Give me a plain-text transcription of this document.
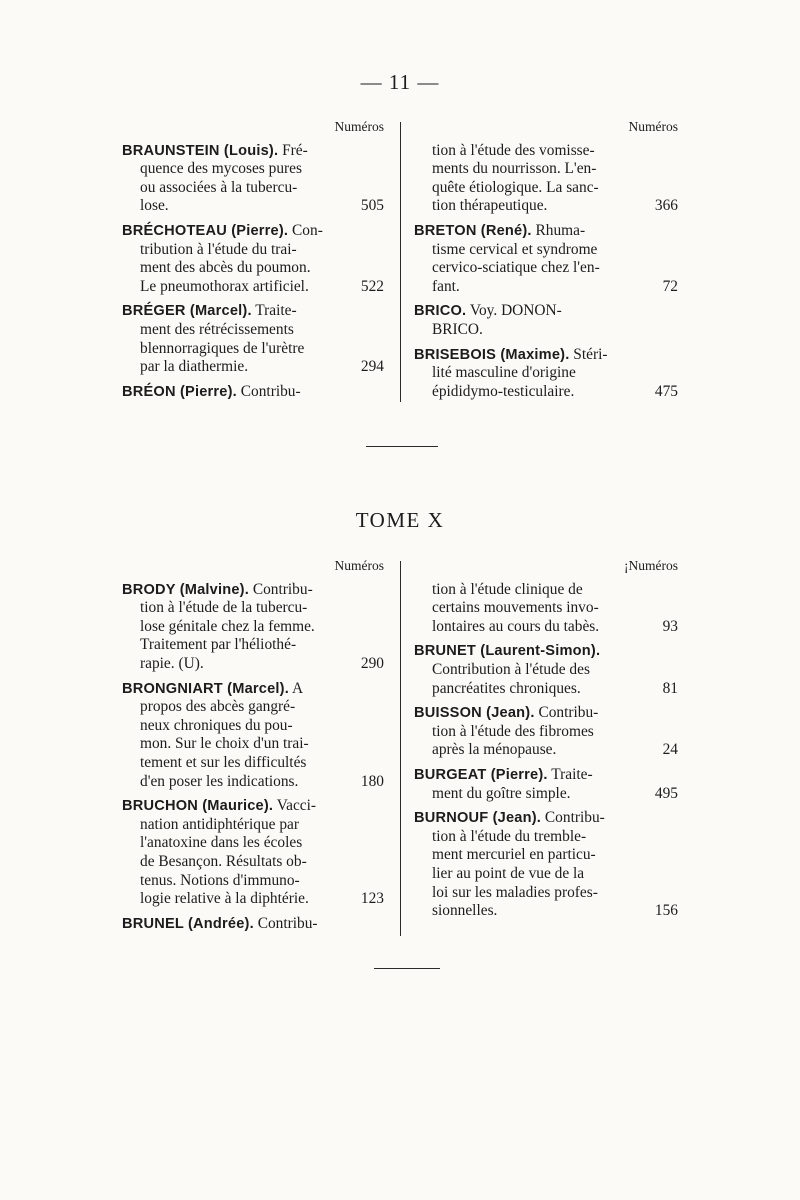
— 11 —
Numéros
BRAUNSTEIN (Louis). Fré-
quence des mycoses pures
ou associées à la tubercu-
505
lose.
BRÉCHOTEAU (Pierre). Con-
tribution à l'étude du trai-
ment des abcès du poumon.
522
Le pneumothorax artificiel.
BRÉGER (Marcel). Traite-
ment des rétrécissements
blennorragiques de l'urètre
294
par la diathermie.
BRÉON (Pierre). Contribu-
Numéros
tion à l'étude des vomisse-
ments du nourrisson. L'en-
quête étiologique. La sanc-
366
tion thérapeutique.
BRETON (René). Rhuma-
tisme cervical et syndrome
cervico-sciatique chez l'en-
72
fant.
BRICO. Voy. DONON-
BRICO.
BRISEBOIS (Maxime). Stéri-
lité masculine d'origine
475
épididymo-testiculaire.
TOME X
Numéros
BRODY (Malvine). Contribu-
tion à l'étude de la tubercu-
lose génitale chez la femme.
Traitement par l'héliothé-
290
rapie. (U).
BRONGNIART (Marcel). A
propos des abcès gangré-
neux chroniques du pou-
mon. Sur le choix d'un trai-
tement et sur les difficultés
180
d'en poser les indications.
BRUCHON (Maurice). Vacci-
nation antidiphtérique par
l'anatoxine dans les écoles
de Besançon. Résultats ob-
tenus. Notions d'immuno-
123
logie relative à la diphtérie.
BRUNEL (Andrée). Contribu-
¡Numéros
tion à l'étude clinique de
certains mouvements invo-
93
lontaires au cours du tabès.
BRUNET (Laurent-Simon).
Contribution à l'étude des
81
pancréatites chroniques.
BUISSON (Jean). Contribu-
tion à l'étude des fibromes
24
après la ménopause.
BURGEAT (Pierre). Traite-
495
ment du goître simple.
BURNOUF (Jean). Contribu-
tion à l'étude du tremble-
ment mercuriel en particu-
lier au point de vue de la
loi sur les maladies profes-
156
sionnelles.
